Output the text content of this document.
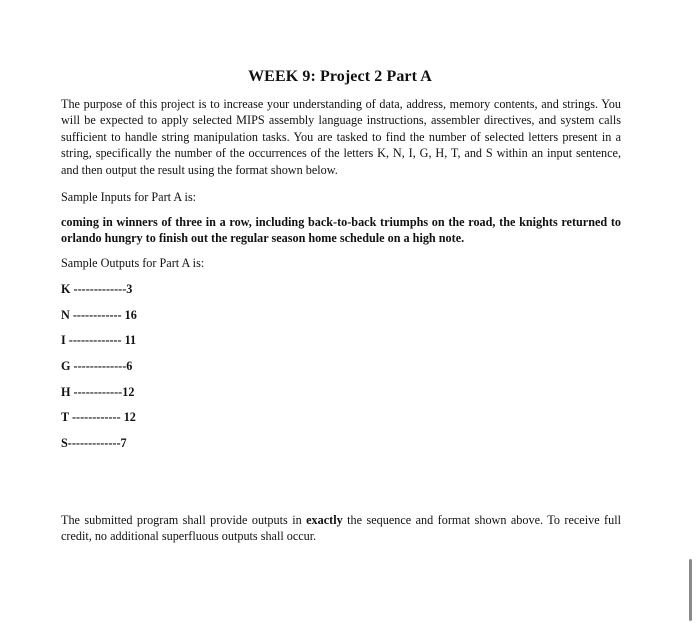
WEEK 9: Project 2 Part A
The purpose of this project is to increase your understanding of data, address, memory contents, and strings. You will be expected to apply selected MIPS assembly language instructions, assembler directives, and system calls sufficient to handle string manipulation tasks. You are tasked to find the number of selected letters present in a string, specifically the number of the occurrences of the letters K, N, I, G, H, T, and S within an input sentence, and then output the result using the format shown below.
Sample Inputs for Part A is:
coming in winners of three in a row, including back-to-back triumphs on the road, the knights returned to orlando hungry to finish out the regular season home schedule on a high note.
Sample Outputs for Part A is:
K -------------3
N ------------ 16
I ------------- 11
G -------------6
H ------------12
T ------------ 12
S-------------7
The submitted program shall provide outputs in exactly the sequence and format shown above. To receive full credit, no additional superfluous outputs shall occur.
